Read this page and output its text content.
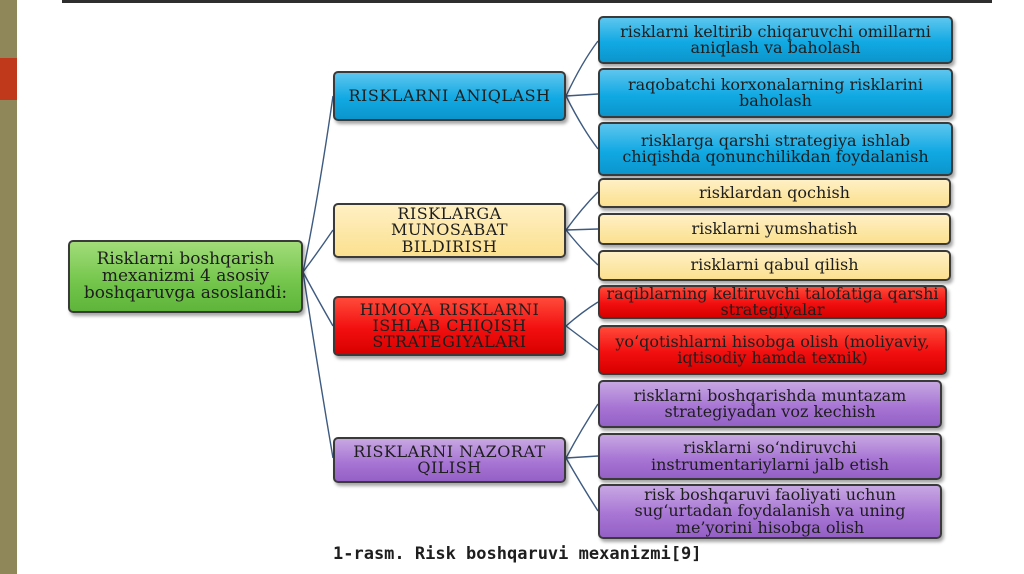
Risklarni boshqarish mexanizmi 4 asosiy boshqaruvga asoslandi:
RISKLARNI ANIQLASH
RISKLARGA MUNOSABAT BILDIRISH
HIMOYA RISKLARNI ISHLAB CHIQISH STRATEGIYALARI
RISKLARNI NAZORAT QILISH
risklarni keltirib chiqaruvchi omillarni aniqlash va baholash
raqobatchi korxonalarning risklarini baholash
risklarga qarshi strategiya ishlab chiqishda qonunchilikdan foydalanish
risklardan qochish
risklarni yumshatish
risklarni qabul qilish
raqiblarning keltiruvchi talofatiga qarshi strategiyalar
yo‘qotishlarni hisobga olish (moliyaviy, iqtisodiy hamda texnik)
risklarni boshqarishda muntazam strategiyadan voz kechish
risklarni so‘ndiruvchi instrumentariylarni jalb etish
risk boshqaruvi faoliyati uchun sug‘urtadan foydalanish va uning me’yorini hisobga olish
1-rasm. Risk boshqaruvi mexanizmi[9]
